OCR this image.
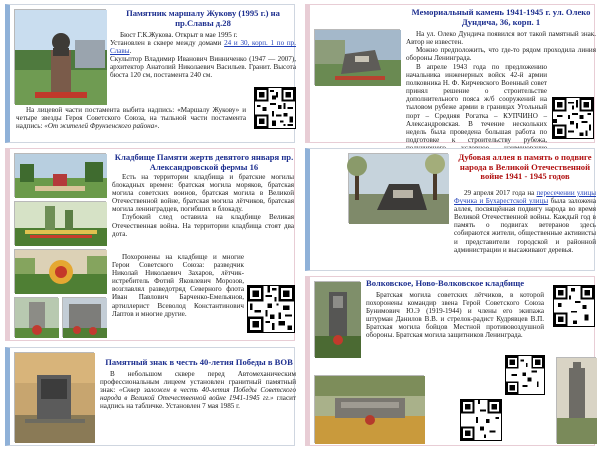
Памятник маршалу Жукову (1995 г.) на пр.Славы д.28
Бюст Г.К.Жукова. Открыт в мае 1995 г.
Установлен в сквере между домами 24 и 30, корп. 1 по пр. Славы.
Скульптор Владимир Иванович Винниченко (1947 — 2007), архитектор Анатолий Николаевич Васильев. Гранит. Высота бюста 120 см, постамента 240 см.
На лицевой части постамента выбита надпись: «Маршалу Жукову» и четыре звезды Героя Советского Союза, на тыльной части постамента надпись: «От жителей Фрунзенского района».
Кладбище Памяти жертв девятого января пр. Александровской фермы 16
Есть на территории кладбища и братские могилы блокадных времен: братская могила моряков, братская могила советских воинов, братская могила в Великой Отечественной войне, братская могила лётчиков, братская могила ленинградцев, погибших в блокаду.
Глубокий след оставила на кладбище Великая Отечественная война. На территории кладбища стоят два дота.
Похоронены на кладбище и многие Герои Советского Союза: разведчик Николай Николаевич Захаров, лётчик-истребитель Фотий Яковлевич Морозов, возглавлял разведотряд Северного флота Иван Павлович Барченко-Емельянов, артиллерист Всеволод Константинович Лаптов и многие другие.
Памятный знак в честь 40-летия Победы в ВОВ
В небольшом сквере перед Автомеханическим профессиональным лицеем установлен гранитный памятный знак: «Сквер заложен в честь 40-летия Победы Советского народа в Великой Отечественной войне 1941-1945 гг.» гласит надпись на табличке. Установлен 7 мая 1985 г.
Мемориальный камень 1941-1945 г. ул. Олеко Дундича, 36, корп. 1
На ул. Олеко Дундича появился вот такой памятный знак. Автор не известен.
Можно предположить, что где-то рядом проходила линия обороны Ленинграда.
В апреле 1943 года по предложению начальника инженерных войск 42-й армии полковника Н. Ф. Кирчевского Военный совет принял решение о строительстве дополнительного пояса ж/б сооружений на тыловом рубеже армии в границах Угольный порт – Средняя Рогатка – КУПЧИНО – Александровская. В течение нескольких недель была проведена большая работа по подготовке к строительству рубежа,
Дубовая аллея в память о подвиге народа в Великой Отечественной войне 1941 - 1945 годов
29 апреля 2017 года на пересечении улицы Фучика и Бухарестской улицы была заложена аллея, посвящённая подвигу народа во время Великой Отечественной войны. Каждый год в память о подвигах ветеранов здесь собираются жители, общественные активисты и представители городской и районной администрации и высаживают деревья.
Волковское, Ново-Волковское кладбище
Братская могила советских лётчиков, в которой похоронены командир звена Герой Советского Союза Бунимович Ю.Э (1919-1944) и члены его экипажа штурман Данилов В.В. и стрелок-радист Кудрявцев В.П. Братская могила бойцов Местной противовоздушной обороны. Братская могила защитников Ленинграда.
